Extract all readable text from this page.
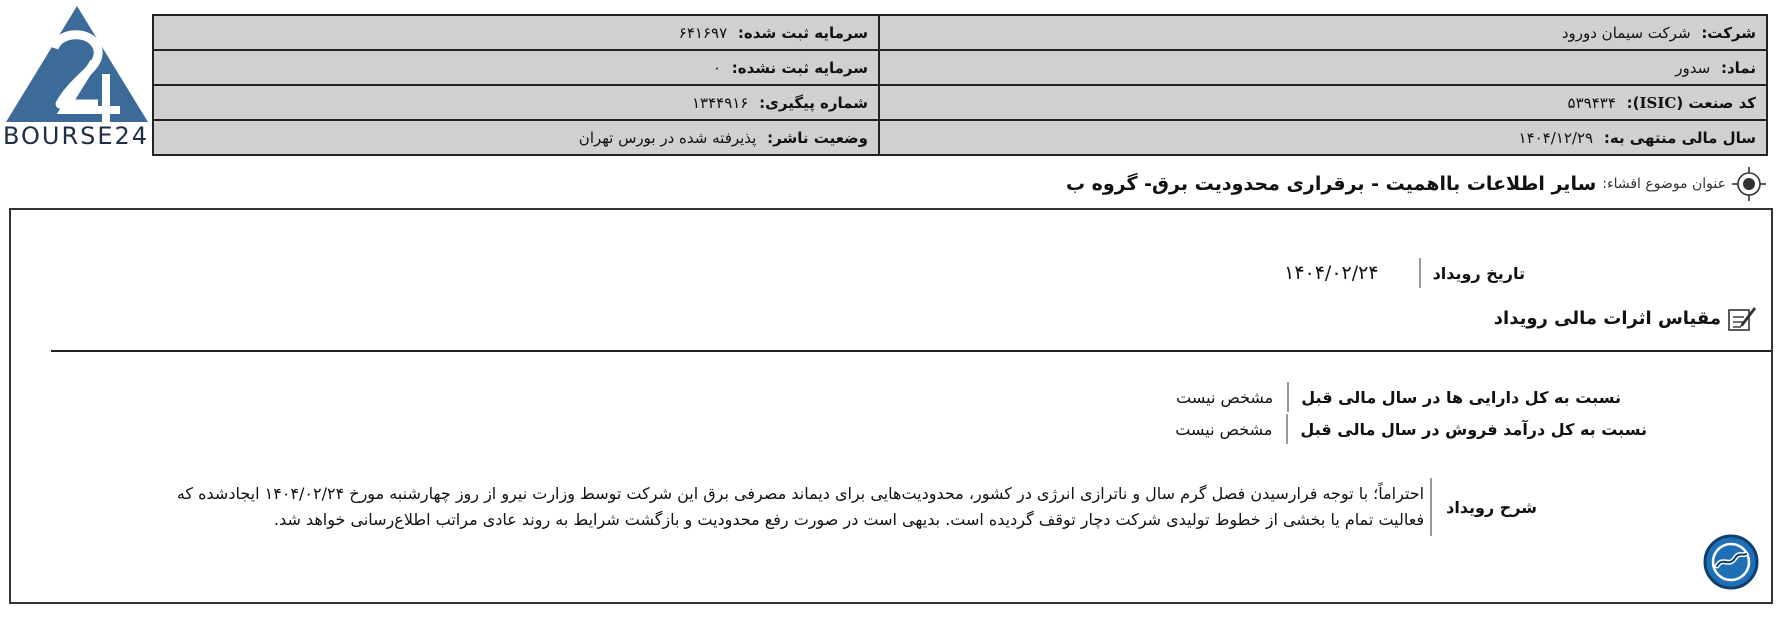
BOURSE24
شرکت: شرکت سیمان دورود	سرمایه ثبت شده: ۶۴۱۶۹۷
نماد: سدور	سرمایه ثبت نشده: ۰
کد صنعت (ISIC): ۵۳۹۴۳۴	شماره پیگیری: ۱۳۴۴۹۱۶
سال مالی منتهی به: ۱۴۰۴/۱۲/۲۹	وضعیت ناشر: پذیرفته شده در بورس تهران
عنوان موضوع افشاء:
سایر اطلاعات بااهمیت - برقراری محدودیت برق- گروه ب
تاریخ رویداد
۱۴۰۴/۰۲/۲۴
مقیاس اثرات مالی رویداد
نسبت به کل دارایی ها در سال مالی قبل
مشخص نیست
نسبت به کل درآمد فروش در سال مالی قبل
مشخص نیست
شرح رویداد
احتراماً؛ با توجه فرارسیدن فصل گرم سال و ناترازی انرژی در کشور، محدودیت‌هایی برای دیماند مصرفی برق این شرکت توسط وزارت نیرو از روز چهارشنبه مورخ ۱۴۰۴/۰۲/۲۴ ایجادشده که فعالیت تمام یا بخشی از خطوط تولیدی شرکت دچار توقف گردیده است. بدیهی است در صورت رفع محدودیت و بازگشت شرایط به روند عادی مراتب اطلاع‌رسانی خواهد شد.
